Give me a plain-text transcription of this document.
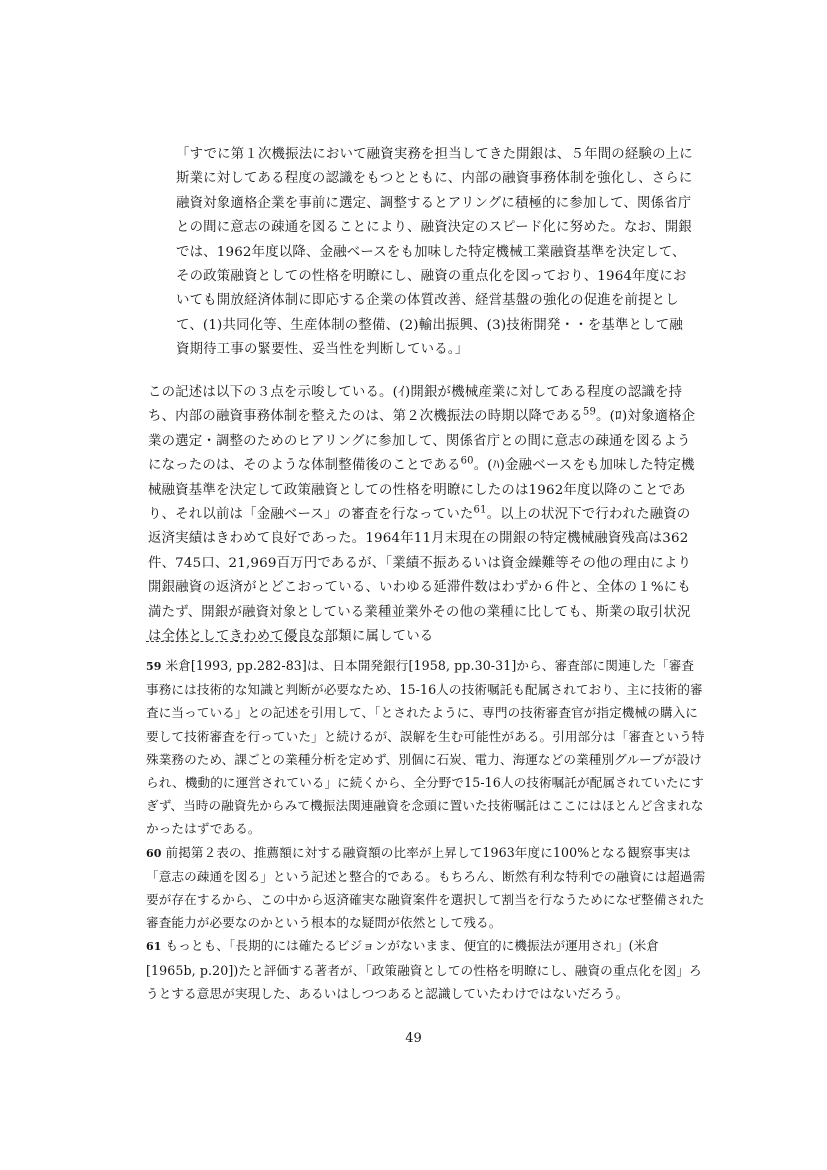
「すでに第１次機振法において融資実務を担当してきた開銀は、５年間の経験の上に斯業に対してある程度の認識をもつとともに、内部の融資事務体制を強化し、さらに融資対象適格企業を事前に選定、調整するとアリングに積極的に参加して、関係省庁との間に意志の疎通を図ることにより、融資決定のスピード化に努めた。なお、開銀では、1962年度以降、金融ベースをも加味した特定機械工業融資基準を決定して、その政策融資としての性格を明瞭にし、融資の重点化を図っており、1964年度においても開放経済体制に即応する企業の体質改善、経営基盤の強化の促進を前提として、(1)共同化等、生産体制の整備、(2)輸出振興、(3)技術開発・・を基準として融資期待工事の緊要性、妥当性を判断している。」

この記述は以下の３点を示唆している。(ｲ)開銀が機械産業に対してある程度の認識を持ち、内部の融資事務体制を整えたのは、第２次機振法の時期以降である$^{59}$。(ﾛ)対象適格企業の選定・調整のためのヒアリングに参加して、関係省庁との間に意志の疎通を図るようになったのは、そのような体制整備後のことである$^{60}$。(ﾊ)金融ベースをも加味した特定機械融資基準を決定して政策融資としての性格を明瞭にしたのは1962年度以降のことであり、それ以前は「金融ベース」の審査を行なっていた$^{61}$。以上の状況下で行われた融資の返済実績はきわめて良好であった。1964年11月末現在の開銀の特定機械融資残高は362件、745口、21,969百万円であるが、「業績不振あるいは資金繰難等その他の理由により開銀融資の返済がとどこおっている、いわゆる延滞件数はわずか６件と、全体の１%にも満たず、開銀が融資対象としている業種並業外その他の業種に比しても、斯業の取引状況は全体としてきわめて優良な部類に属している

59 米倉[1993, pp.282-83]は、日本開発銀行[1958, pp.30-31]から、審査部に関連した「審査事務には技術的な知識と判断が必要なため、15-16人の技術嘱託も配属されており、主に技術的審査に当っている」との記述を引用して、「とされたように、専門の技術審査官が指定機械の購入に要して技術審査を行っていた」と続けるが、誤解を生む可能性がある。引用部分は「審査という特殊業務のため、課ごとの業種分析を定めず、別個に石炭、電力、海運などの業種別グループが設けられ、機動的に運営されている」に続くから、全分野で15-16人の技術嘱託が配属されていたにすぎず、当時の融資先からみて機振法関連融資を念頭に置いた技術嘱託はここにはほとんど含まれなかったはずである。

60 前掲第２表の、推薦額に対する融資額の比率が上昇して1963年度に100%となる観察事実は「意志の疎通を図る」という記述と整合的である。もちろん、断然有利な特利での融資には超過需要が存在するから、この中から返済確実な融資案件を選択して割当を行なうためになぜ整備された審査能力が必要なのかという根本的な疑問が依然として残る。

61 もっとも、「長期的には確たるビジョンがないまま、便宜的に機振法が運用され」(米倉[1965b, p.20])たと評価する著者が、「政策融資としての性格を明瞭にし、融資の重点化を図」ろうとする意思が実現した、あるいはしつつあると認識していたわけではないだろう。

49
